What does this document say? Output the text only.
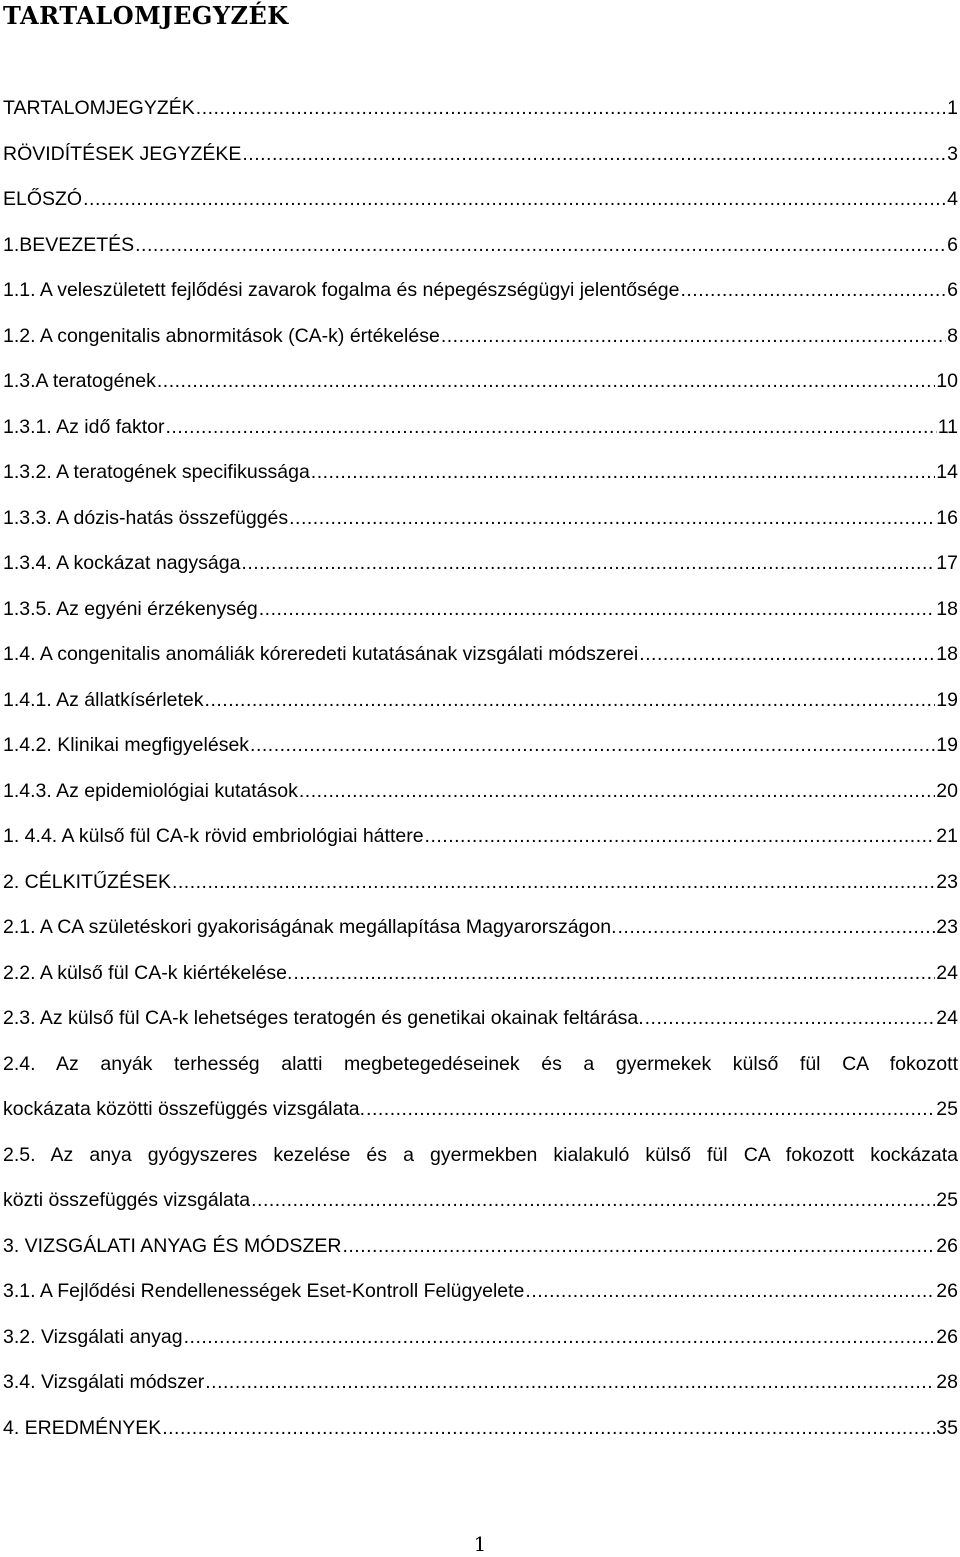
TARTALOMJEGYZÉK
TARTALOMJEGYZÉK .....	1
RÖVIDÍTÉSEK JEGYZÉKE .....	3
ELŐSZÓ .....	4
1.BEVEZETÉS .....	6
1.1. A veleszületett fejlődési zavarok fogalma és népegészségügyi jelentősége .....	6
1.2. A congenitalis abnormitások (CA-k) értékelése .....	8
1.3.A teratogének .....	10
1.3.1. Az idő faktor .....	11
1.3.2. A teratogének specifikussága .....	14
1.3.3. A dózis-hatás összefüggés .....	16
1.3.4. A kockázat nagysága .....	17
1.3.5. Az egyéni érzékenység .....	18
1.4. A congenitalis anomáliák kóreredeti kutatásának vizsgálati módszerei .....	18
1.4.1. Az állatkísérletek .....	19
1.4.2. Klinikai megfigyelések .....	19
1.4.3. Az epidemiológiai kutatások .....	20
1. 4.4. A külső fül CA-k rövid embriológiai háttere .....	21
2. CÉLKITŰZÉSEK .....	23
2.1. A CA születéskori gyakoriságának megállapítása Magyarországon. .....	23
2.2. A külső fül CA-k kiértékelése. .....	24
2.3. Az külső fül CA-k lehetséges teratogén és genetikai okainak feltárása. .....	24
2.4. Az anyák terhesség alatti megbetegedéseinek és a gyermekek külső fül CA fokozott
kockázata közötti összefüggés vizsgálata. .....	25
2.5. Az anya gyógyszeres kezelése és a gyermekben kialakuló külső fül CA fokozott kockázata
közti összefüggés vizsgálata .....	25
3. VIZSGÁLATI ANYAG ÉS MÓDSZER .....	26
3.1. A Fejlődési Rendellenességek Eset-Kontroll Felügyelete .....	26
3.2. Vizsgálati anyag .....	26
3.4. Vizsgálati módszer .....	28
4. EREDMÉNYEK .....	35
1
